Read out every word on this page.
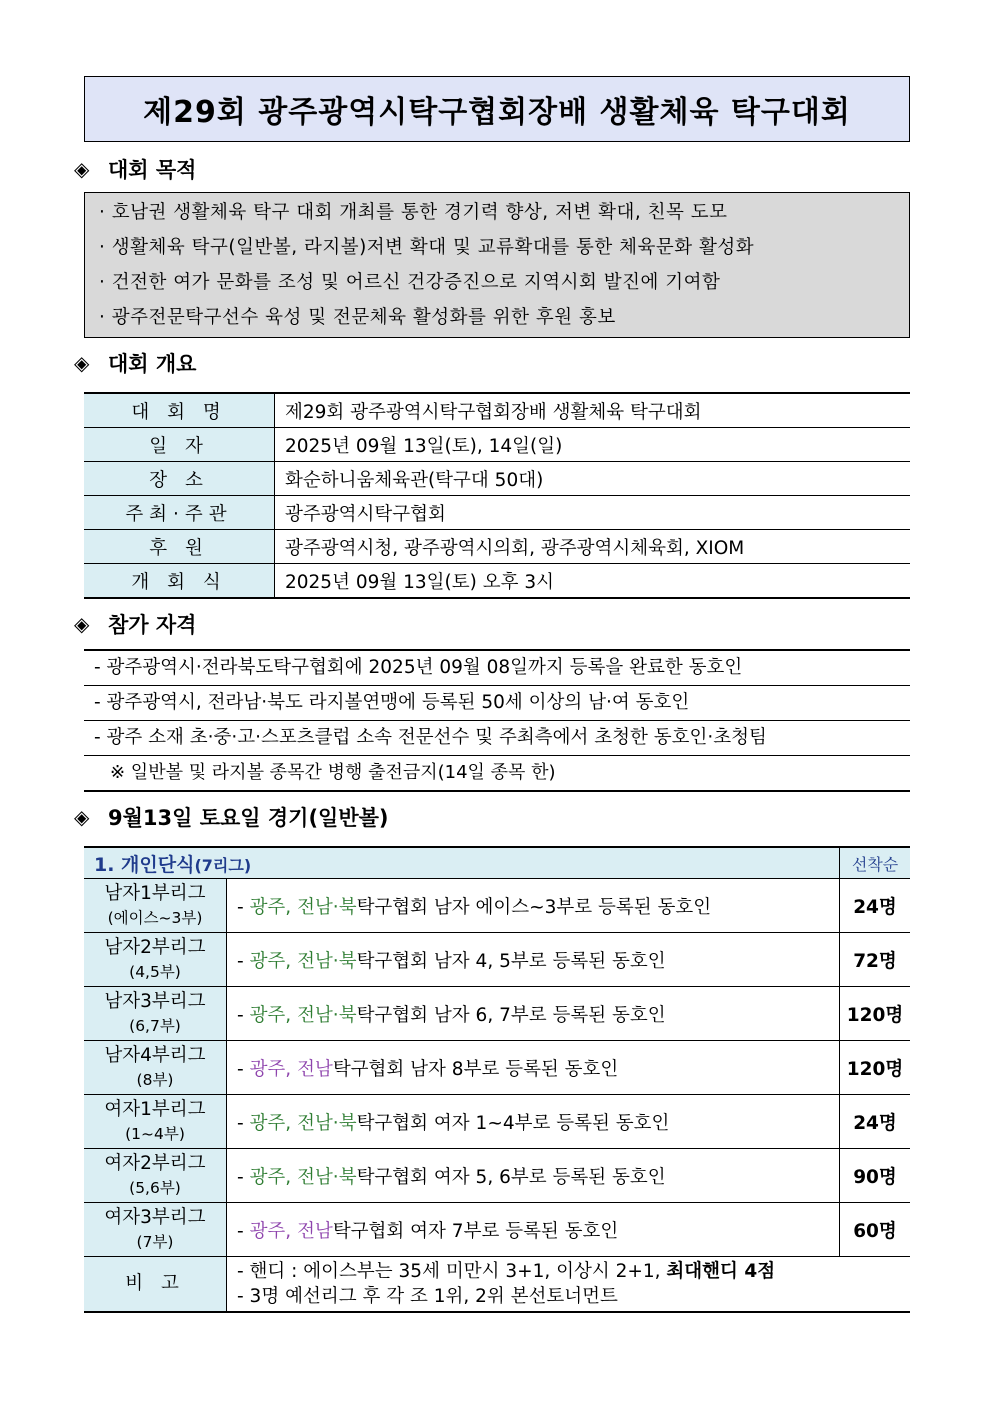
제29회 광주광역시탁구협회장배 생활체육 탁구대회
◈ 대회 목적
· 호남권 생활체육 탁구 대회 개최를 통한 경기력 향상, 저변 확대, 친목 도모
· 생활체육 탁구(일반볼, 라지볼)저변 확대 및 교류확대를 통한 체육문화 활성화
· 건전한 여가 문화를 조성 및 어르신 건강증진으로 지역시회 발진에 기여함
· 광주전문탁구선수 육성 및 전문체육 활성화를 위한 후원 홍보
◈ 대회 개요
대 회 명	제29회 광주광역시탁구협회장배 생활체육 탁구대회
일 자	2025년 09월 13일(토), 14일(일)
장 소	화순하니움체육관(탁구대 50대)
주최·주관	광주광역시탁구협회
후 원	광주광역시청, 광주광역시의회, 광주광역시체육회, XIOM
개 회 식	2025년 09월 13일(토) 오후 3시
◈ 참가 자격
- 광주광역시·전라북도탁구협회에 2025년 09월 08일까지 등록을 완료한 동호인
- 광주광역시, 전라남·북도 라지볼연맹에 등록된 50세 이상의 남·여 동호인
- 광주 소재 초·중·고·스포츠클럽 소속 전문선수 및 주최측에서 초청한 동호인·초청팀
※ 일반볼 및 라지볼 종목간 병행 출전금지(14일 종목 한)
◈ 9월13일 토요일 경기(일반볼)
1. 개인단식(7리그)		선착순

남자1부리그
(에이스~3부)	- 광주, 전남·북탁구협회 남자 에이스~3부로 등록된 동호인	24명

남자2부리그
(4,5부)	- 광주, 전남·북탁구협회 남자 4, 5부로 등록된 동호인	72명

남자3부리그
(6,7부)	- 광주, 전남·북탁구협회 남자 6, 7부로 등록된 동호인	120명

남자4부리그
(8부)	- 광주, 전남탁구협회 남자 8부로 등록된 동호인	120명

여자1부리그
(1~4부)	- 광주, 전남·북탁구협회 여자 1~4부로 등록된 동호인	24명

여자2부리그
(5,6부)	- 광주, 전남·북탁구협회 여자 5, 6부로 등록된 동호인	90명

여자3부리그
(7부)	- 광주, 전남탁구협회 여자 7부로 등록된 동호인	60명
비 고	- 핸디 : 에이스부는 35세 미만시 3+1, 이상시 2+1, 최대핸디 4점
- 3명 예선리그 후 각 조 1위, 2위 본선토너먼트	
